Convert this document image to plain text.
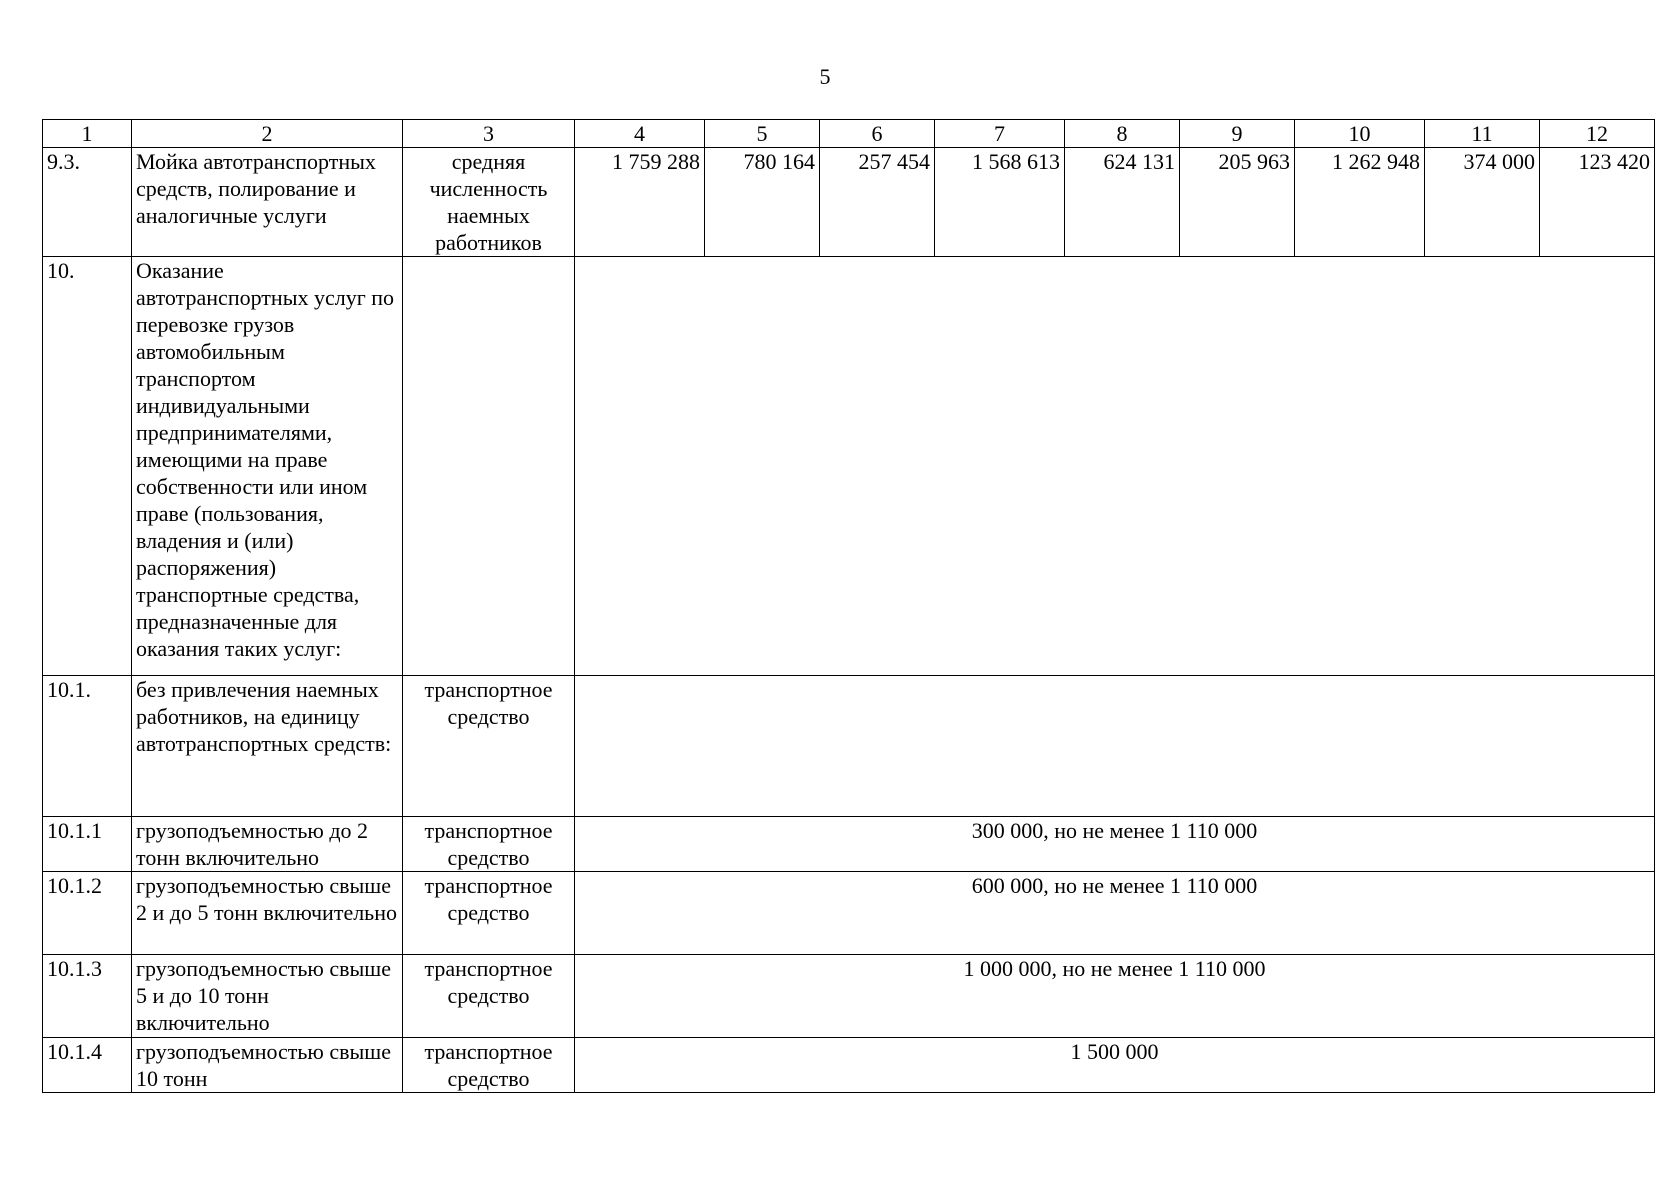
5
1	2	3	4	5	6	7	8	9	10	11	12
9.3.	Мойка автотранспортных средств, полирование и аналогичные услуги	средняя численность наемных работников	1 759 288	780 164	257 454	1 568 613	624 131	205 963	1 262 948	374 000	123 420
10.	Оказание автотранспортных услуг по перевозке грузов автомобильным транспортом индивидуальными предпринимателями, имеющими на праве собственности или ином праве (пользования, владения и (или) распоряжения) транспортные средства, предназначенные для оказания таких услуг:										
10.1.	без привлечения наемных работников, на единицу автотранспортных средств:	транспортное средство									
10.1.1	грузоподъемностью до 2 тонн включительно	транспортное средство	300 000, но не менее 1 110 000								
10.1.2	грузоподъемностью свыше 2 и до 5 тонн включительно	транспортное средство	600 000, но не менее 1 110 000								
10.1.3	грузоподъемностью свыше 5 и до 10 тонн включительно	транспортное средство	1 000 000, но не менее 1 110 000								
10.1.4	грузоподъемностью свыше 10 тонн	транспортное средство	1 500 000								
